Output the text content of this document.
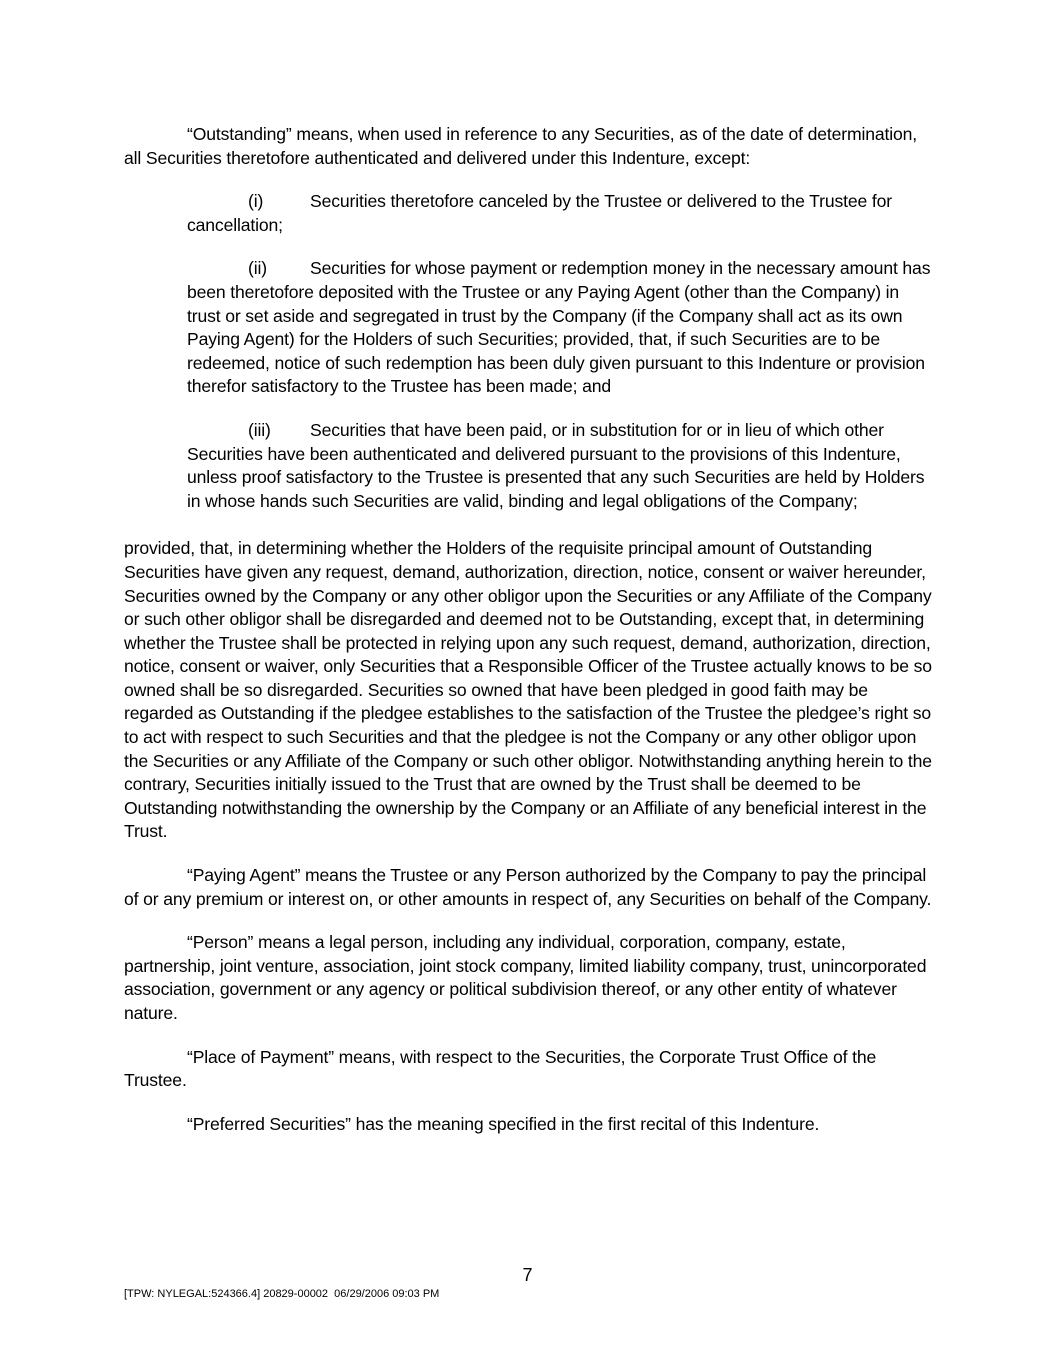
“Outstanding” means, when used in reference to any Securities, as of the date of determination, all Securities theretofore authenticated and delivered under this Indenture, except:

(i)	Securities theretofore canceled by the Trustee or delivered to the Trustee for cancellation;

(ii) Securities for whose payment or redemption money in the necessary amount has been theretofore deposited with the Trustee or any Paying Agent (other than the Company) in trust or set aside and segregated in trust by the Company (if the Company shall act as its own Paying Agent) for the Holders of such Securities; provided, that, if such Securities are to be redeemed, notice of such redemption has been duly given pursuant to this Indenture or provision therefor satisfactory to the Trustee has been made; and

(iii) Securities that have been paid, or in substitution for or in lieu of which other Securities have been authenticated and delivered pursuant to the provisions of this Indenture, unless proof satisfactory to the Trustee is presented that any such Securities are held by Holders in whose hands such Securities are valid, binding and legal obligations of the Company;

provided, that, in determining whether the Holders of the requisite principal amount of Outstanding Securities have given any request, demand, authorization, direction, notice, consent or waiver hereunder, Securities owned by the Company or any other obligor upon the Securities or any Affiliate of the Company or such other obligor shall be disregarded and deemed not to be Outstanding, except that, in determining whether the Trustee shall be protected in relying upon any such request, demand, authorization, direction, notice, consent or waiver, only Securities that a Responsible Officer of the Trustee actually knows to be so owned shall be so disregarded. Securities so owned that have been pledged in good faith may be regarded as Outstanding if the pledgee establishes to the satisfaction of the Trustee the pledgee’s right so to act with respect to such Securities and that the pledgee is not the Company or any other obligor upon the Securities or any Affiliate of the Company or such other obligor. Notwithstanding anything herein to the contrary, Securities initially issued to the Trust that are owned by the Trust shall be deemed to be Outstanding notwithstanding the ownership by the Company or an Affiliate of any beneficial interest in the Trust.

“Paying Agent” means the Trustee or any Person authorized by the Company to pay the principal of or any premium or interest on, or other amounts in respect of, any Securities on behalf of the Company.

“Person” means a legal person, including any individual, corporation, company, estate, partnership, joint venture, association, joint stock company, limited liability company, trust, unincorporated association, government or any agency or political subdivision thereof, or any other entity of whatever nature.

“Place of Payment” means, with respect to the Securities, the Corporate Trust Office of the Trustee.

“Preferred Securities” has the meaning specified in the first recital of this Indenture.

7
[TPW: NYLEGAL:524366.4] 20829-00002  06/29/2006 09:03 PM
